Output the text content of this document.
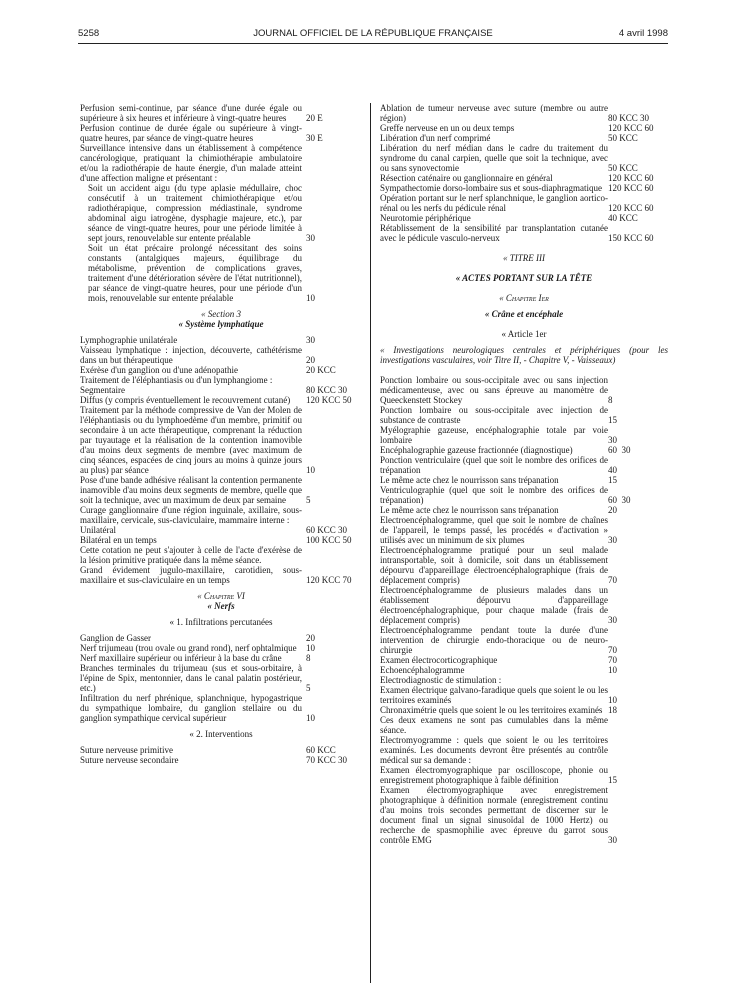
5258	JOURNAL OFFICIEL DE LA RÉPUBLIQUE FRANÇAISE	4 avril 1998
Perfusion semi-continue, par séance d'une durée égale ou supérieure à six heures et inférieure à vingt-quatre heures	20 E
Perfusion continue de durée égale ou supérieure à vingt-quatre heures, par séance de vingt-quatre heures	30 E
Surveillance intensive dans un établissement à compétence cancérologique, pratiquant la chimiothérapie ambulatoire et/ou la radiothérapie de haute énergie, d'un malade atteint d'une affection maligne et présentant :
Soit un accident aigu (du type aplasie médullaire, choc consécutif à un traitement chimiothérapique et/ou radiothérapique, compression médiastinale, syndrome abdominal aigu iatrogène, dysphagie majeure, etc.), par séance de vingt-quatre heures, pour une période limitée à sept jours, renouvelable sur entente préalable	30
Soit un état précaire prolongé nécessitant des soins constants (antalgiques majeurs, équilibrage du métabolisme, prévention de complications graves, traitement d'une détérioration sévère de l'état nutritionnel), par séance de vingt-quatre heures, pour une période d'un mois, renouvelable sur entente préalable	10

« Section 3

« Système lymphatique

Lymphographie unilatérale	30
Vaisseau lymphatique : injection, découverte, cathétérisme dans un but thérapeutique	20
Exérèse d'un ganglion ou d'une adénopathie	20 KCC
Traitement de l'éléphantiasis ou d'un lymphangiome :
Segmentaire	80 KCC 30
Diffus (y compris éventuellement le recouvrement cutané)	120 KCC 50
Traitement par la méthode compressive de Van der Molen de l'éléphantiasis ou du lymphoedème d'un membre, primitif ou secondaire à un acte thérapeutique, comprenant la réduction par tuyautage et la réalisation de la contention inamovible d'au moins deux segments de membre (avec maximum de cinq séances, espacées de cinq jours au moins à quinze jours au plus) par séance	10
Pose d'une bande adhésive réalisant la contention permanente inamovible d'au moins deux segments de membre, quelle que soit la technique, avec un maximum de deux par semaine	5
Curage ganglionnaire d'une région inguinale, axillaire, sous-maxillaire, cervicale, sus-claviculaire, mammaire interne :
Unilatéral	60 KCC 30
Bilatéral en un temps	100 KCC 50
Cette cotation ne peut s'ajouter à celle de l'acte d'exérèse de la lésion primitive pratiquée dans la même séance.
Grand évidement jugulo-maxillaire, carotidien, sous-maxillaire et sus-claviculaire en un temps	120 KCC 70

« Chapitre VI

« Nerfs

« 1. Infiltrations percutanées

Ganglion de Gasser	20
Nerf trijumeau (trou ovale ou grand rond), nerf ophtalmique	10
Nerf maxillaire supérieur ou inférieur à la base du crâne	8
Branches terminales du trijumeau (sus et sous-orbitaire, à l'épine de Spix, mentonnier, dans le canal palatin postérieur, etc.)	5
Infiltration du nerf phrénique, splanchnique, hypogastrique du sympathique lombaire, du ganglion stellaire ou du ganglion sympathique cervical supérieur	10

« 2. Interventions

Suture nerveuse primitive	60 KCC
Suture nerveuse secondaire	70 KCC 30
Ablation de tumeur nerveuse avec suture (membre ou autre région)	80 KCC 30
Greffe nerveuse en un ou deux temps	120 KCC 60
Libération d'un nerf comprimé	50 KCC
Libération du nerf médian dans le cadre du traitement du syndrome du canal carpien, quelle que soit la technique, avec ou sans synovectomie	50 KCC
Résection caténaire ou ganglionnaire en général	120 KCC 60
Sympathectomie dorso-lombaire sus et sous-diaphragmatique 120 KCC 60
Opération portant sur le nerf splanchnique, le ganglion aortico-rénal ou les nerfs du pédicule rénal	120 KCC 60
Neurotomie périphérique	40 KCC
Rétablissement de la sensibilité par transplantation cutanée avec le pédicule vasculo-nerveux	150 KCC 60

« TITRE III

« ACTES PORTANT SUR LA TÊTE

« Chapitre Ier

« Crâne et encéphale

« Article 1er

« Investigations neurologiques centrales et périphériques (pour les investigations vasculaires, voir Titre II, - Chapitre V, - Vaisseaux)

Ponction lombaire ou sous-occipitale avec ou sans injection médicamenteuse, avec ou sans épreuve au manomètre de Queeckenstett Stockey	8
Ponction lombaire ou sous-occipitale avec injection de substance de contraste	15
Myélographie gazeuse, encéphalographie totale par voie lombaire	30
Encéphalographie gazeuse fractionnée (diagnostique)	60  30
Ponction ventriculaire (quel que soit le nombre des orifices de trépanation	40
Le même acte chez le nourrisson sans trépanation	15
Ventriculographie (quel que soit le nombre des orifices de trépanation)	60  30
Le même acte chez le nourrisson sans trépanation	20
Electroencéphalogramme, quel que soit le nombre de chaînes de l'appareil, le temps passé, les procédés « d'activation » utilisés avec un minimum de six plumes	30
Electroencéphalogramme pratiqué pour un seul malade intransportable, soit à domicile, soit dans un établissement dépourvu d'appareillage électroencéphalographique (frais de déplacement compris)	70
Electroencéphalogramme de plusieurs malades dans un établissement dépourvu d'appareillage électroencéphalographique, pour chaque malade (frais de déplacement compris)	30
Electroencéphalogramme pendant toute la durée d'une intervention de chirurgie endo-thoracique ou de neuro-chirurgie	70
Examen électrocorticographique	70
Echoencéphalogramme	10
Electrodiagnostic de stimulation :
Examen électrique galvano-faradique quels que soient le ou les territoires examinés	10
Chronaximétrie quels que soient le ou les territoires examinés 18
Ces deux examens ne sont pas cumulables dans la même séance.
Electromyogramme : quels que soient le ou les territoires examinés. Les documents devront être présentés au contrôle médical sur sa demande :
Examen électromyographique par oscilloscope, phonie ou enregistrement photographique à faible définition	15
Examen électromyographique avec enregistrement photographique à définition normale (enregistrement continu d'au moins trois secondes permettant de discerner sur le document final un signal sinusoïdal de 1000 Hertz) ou recherche de spasmophilie avec épreuve du garrot sous contrôle EMG	30
